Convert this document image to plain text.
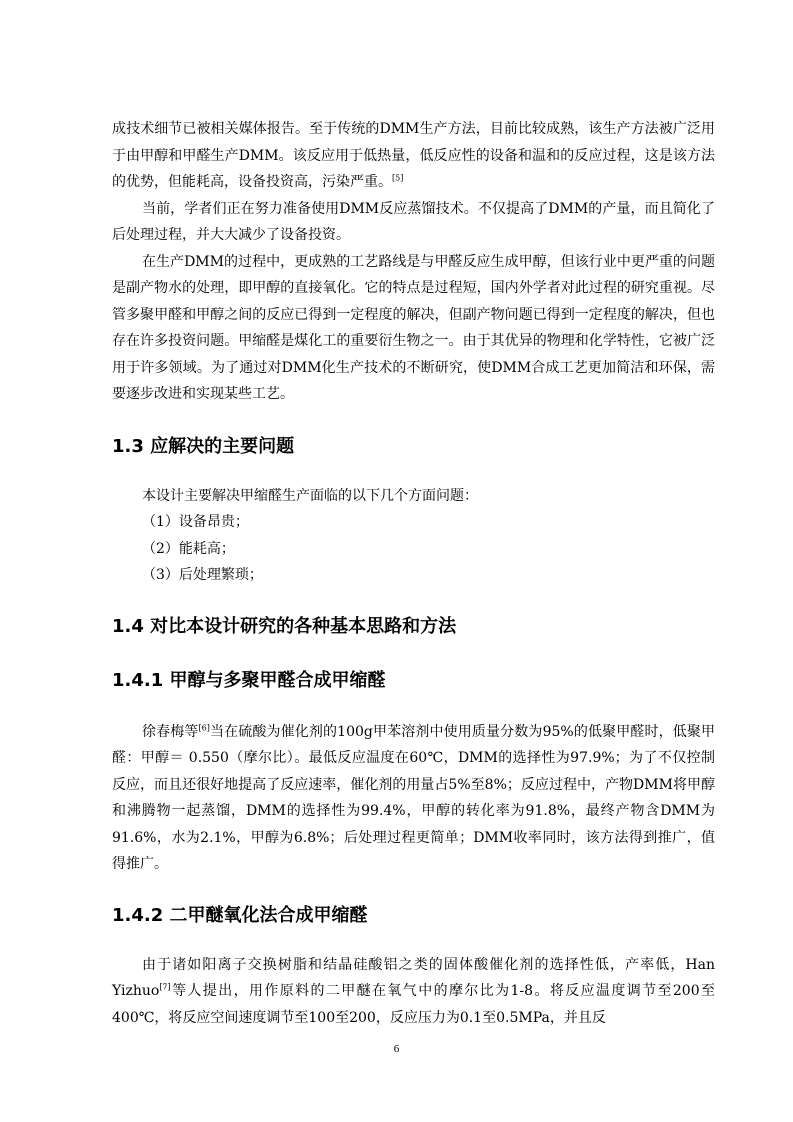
成技术细节已被相关媒体报告。至于传统的DMM生产方法，目前比较成熟，该生产方法被广泛用于由甲醇和甲醛生产DMM。该反应用于低热量，低反应性的设备和温和的反应过程，这是该方法的优势，但能耗高，设备投资高，污染严重。[5]

当前，学者们正在努力准备使用DMM反应蒸馏技术。不仅提高了DMM的产量，而且简化了后处理过程，并大大减少了设备投资。

在生产DMM的过程中，更成熟的工艺路线是与甲醛反应生成甲醇，但该行业中更严重的问题是副产物水的处理，即甲醇的直接氧化。它的特点是过程短，国内外学者对此过程的研究重视。尽管多聚甲醛和甲醇之间的反应已得到一定程度的解决，但副产物问题已得到一定程度的解决，但也存在许多投资问题。甲缩醛是煤化工的重要衍生物之一。由于其优异的物理和化学特性，它被广泛用于许多领域。为了通过对DMM化生产技术的不断研究，使DMM合成工艺更加简洁和环保，需要逐步改进和实现某些工艺。

1.3 应解决的主要问题

本设计主要解决甲缩醛生产面临的以下几个方面问题：

（1）设备昂贵；

（2）能耗高；

（3）后处理繁琐；

1.4 对比本设计研究的各种基本思路和方法
1.4.1 甲醇与多聚甲醛合成甲缩醛

徐春梅等[6]当在硫酸为催化剂的100g甲苯溶剂中使用质量分数为95%的低聚甲醛时，低聚甲醛：甲醇＝ 0.550（摩尔比）。最低反应温度在60℃，DMM的选择性为97.9%；为了不仅控制反应，而且还很好地提高了反应速率，催化剂的用量占5%至8%；反应过程中，产物DMM将甲醇和沸腾物一起蒸馏，DMM的选择性为99.4%，甲醇的转化率为91.8%，最终产物含DMM为91.6%，水为2.1%，甲醇为6.8%；后处理过程更简单；DMM收率同时，该方法得到推广，值得推广。

1.4.2 二甲醚氧化法合成甲缩醛

由于诸如阳离子交换树脂和结晶硅酸铝之类的固体酸催化剂的选择性低，产率低，Han Yizhuo[7]等人提出，用作原料的二甲醚在氧气中的摩尔比为1-8。将反应温度调节至200至400℃，将反应空间速度调节至100至200，反应压力为0.1至0.5MPa，并且反

6
